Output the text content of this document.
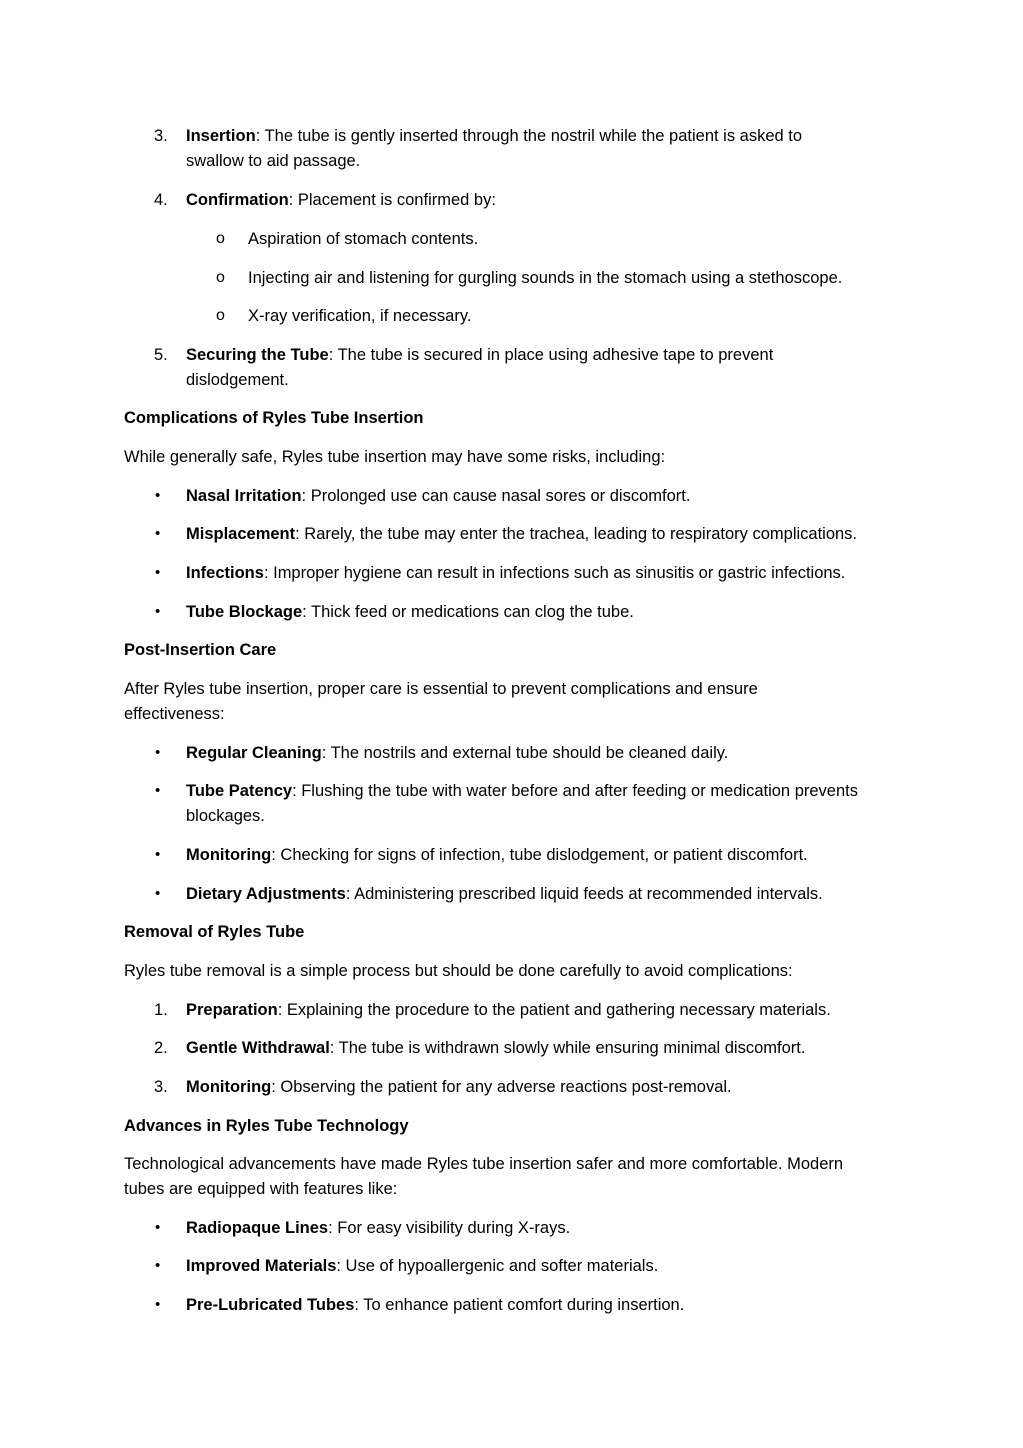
3. Insertion: The tube is gently inserted through the nostril while the patient is asked to
swallow to aid passage.
4. Confirmation: Placement is confirmed by:
o Aspiration of stomach contents.
o Injecting air and listening for gurgling sounds in the stomach using a stethoscope.
o X-ray verification, if necessary.
5. Securing the Tube: The tube is secured in place using adhesive tape to prevent
dislodgement.
Complications of Ryles Tube Insertion
While generally safe, Ryles tube insertion may have some risks, including:
• Nasal Irritation: Prolonged use can cause nasal sores or discomfort.
• Misplacement: Rarely, the tube may enter the trachea, leading to respiratory complications.
• Infections: Improper hygiene can result in infections such as sinusitis or gastric infections.
• Tube Blockage: Thick feed or medications can clog the tube.
Post-Insertion Care
After Ryles tube insertion, proper care is essential to prevent complications and ensure
effectiveness:
• Regular Cleaning: The nostrils and external tube should be cleaned daily.
• Tube Patency: Flushing the tube with water before and after feeding or medication prevents
blockages.
• Monitoring: Checking for signs of infection, tube dislodgement, or patient discomfort.
• Dietary Adjustments: Administering prescribed liquid feeds at recommended intervals.
Removal of Ryles Tube
Ryles tube removal is a simple process but should be done carefully to avoid complications:
1. Preparation: Explaining the procedure to the patient and gathering necessary materials.
2. Gentle Withdrawal: The tube is withdrawn slowly while ensuring minimal discomfort.
3. Monitoring: Observing the patient for any adverse reactions post-removal.
Advances in Ryles Tube Technology
Technological advancements have made Ryles tube insertion safer and more comfortable. Modern
tubes are equipped with features like:
• Radiopaque Lines: For easy visibility during X-rays.
• Improved Materials: Use of hypoallergenic and softer materials.
• Pre-Lubricated Tubes: To enhance patient comfort during insertion.
